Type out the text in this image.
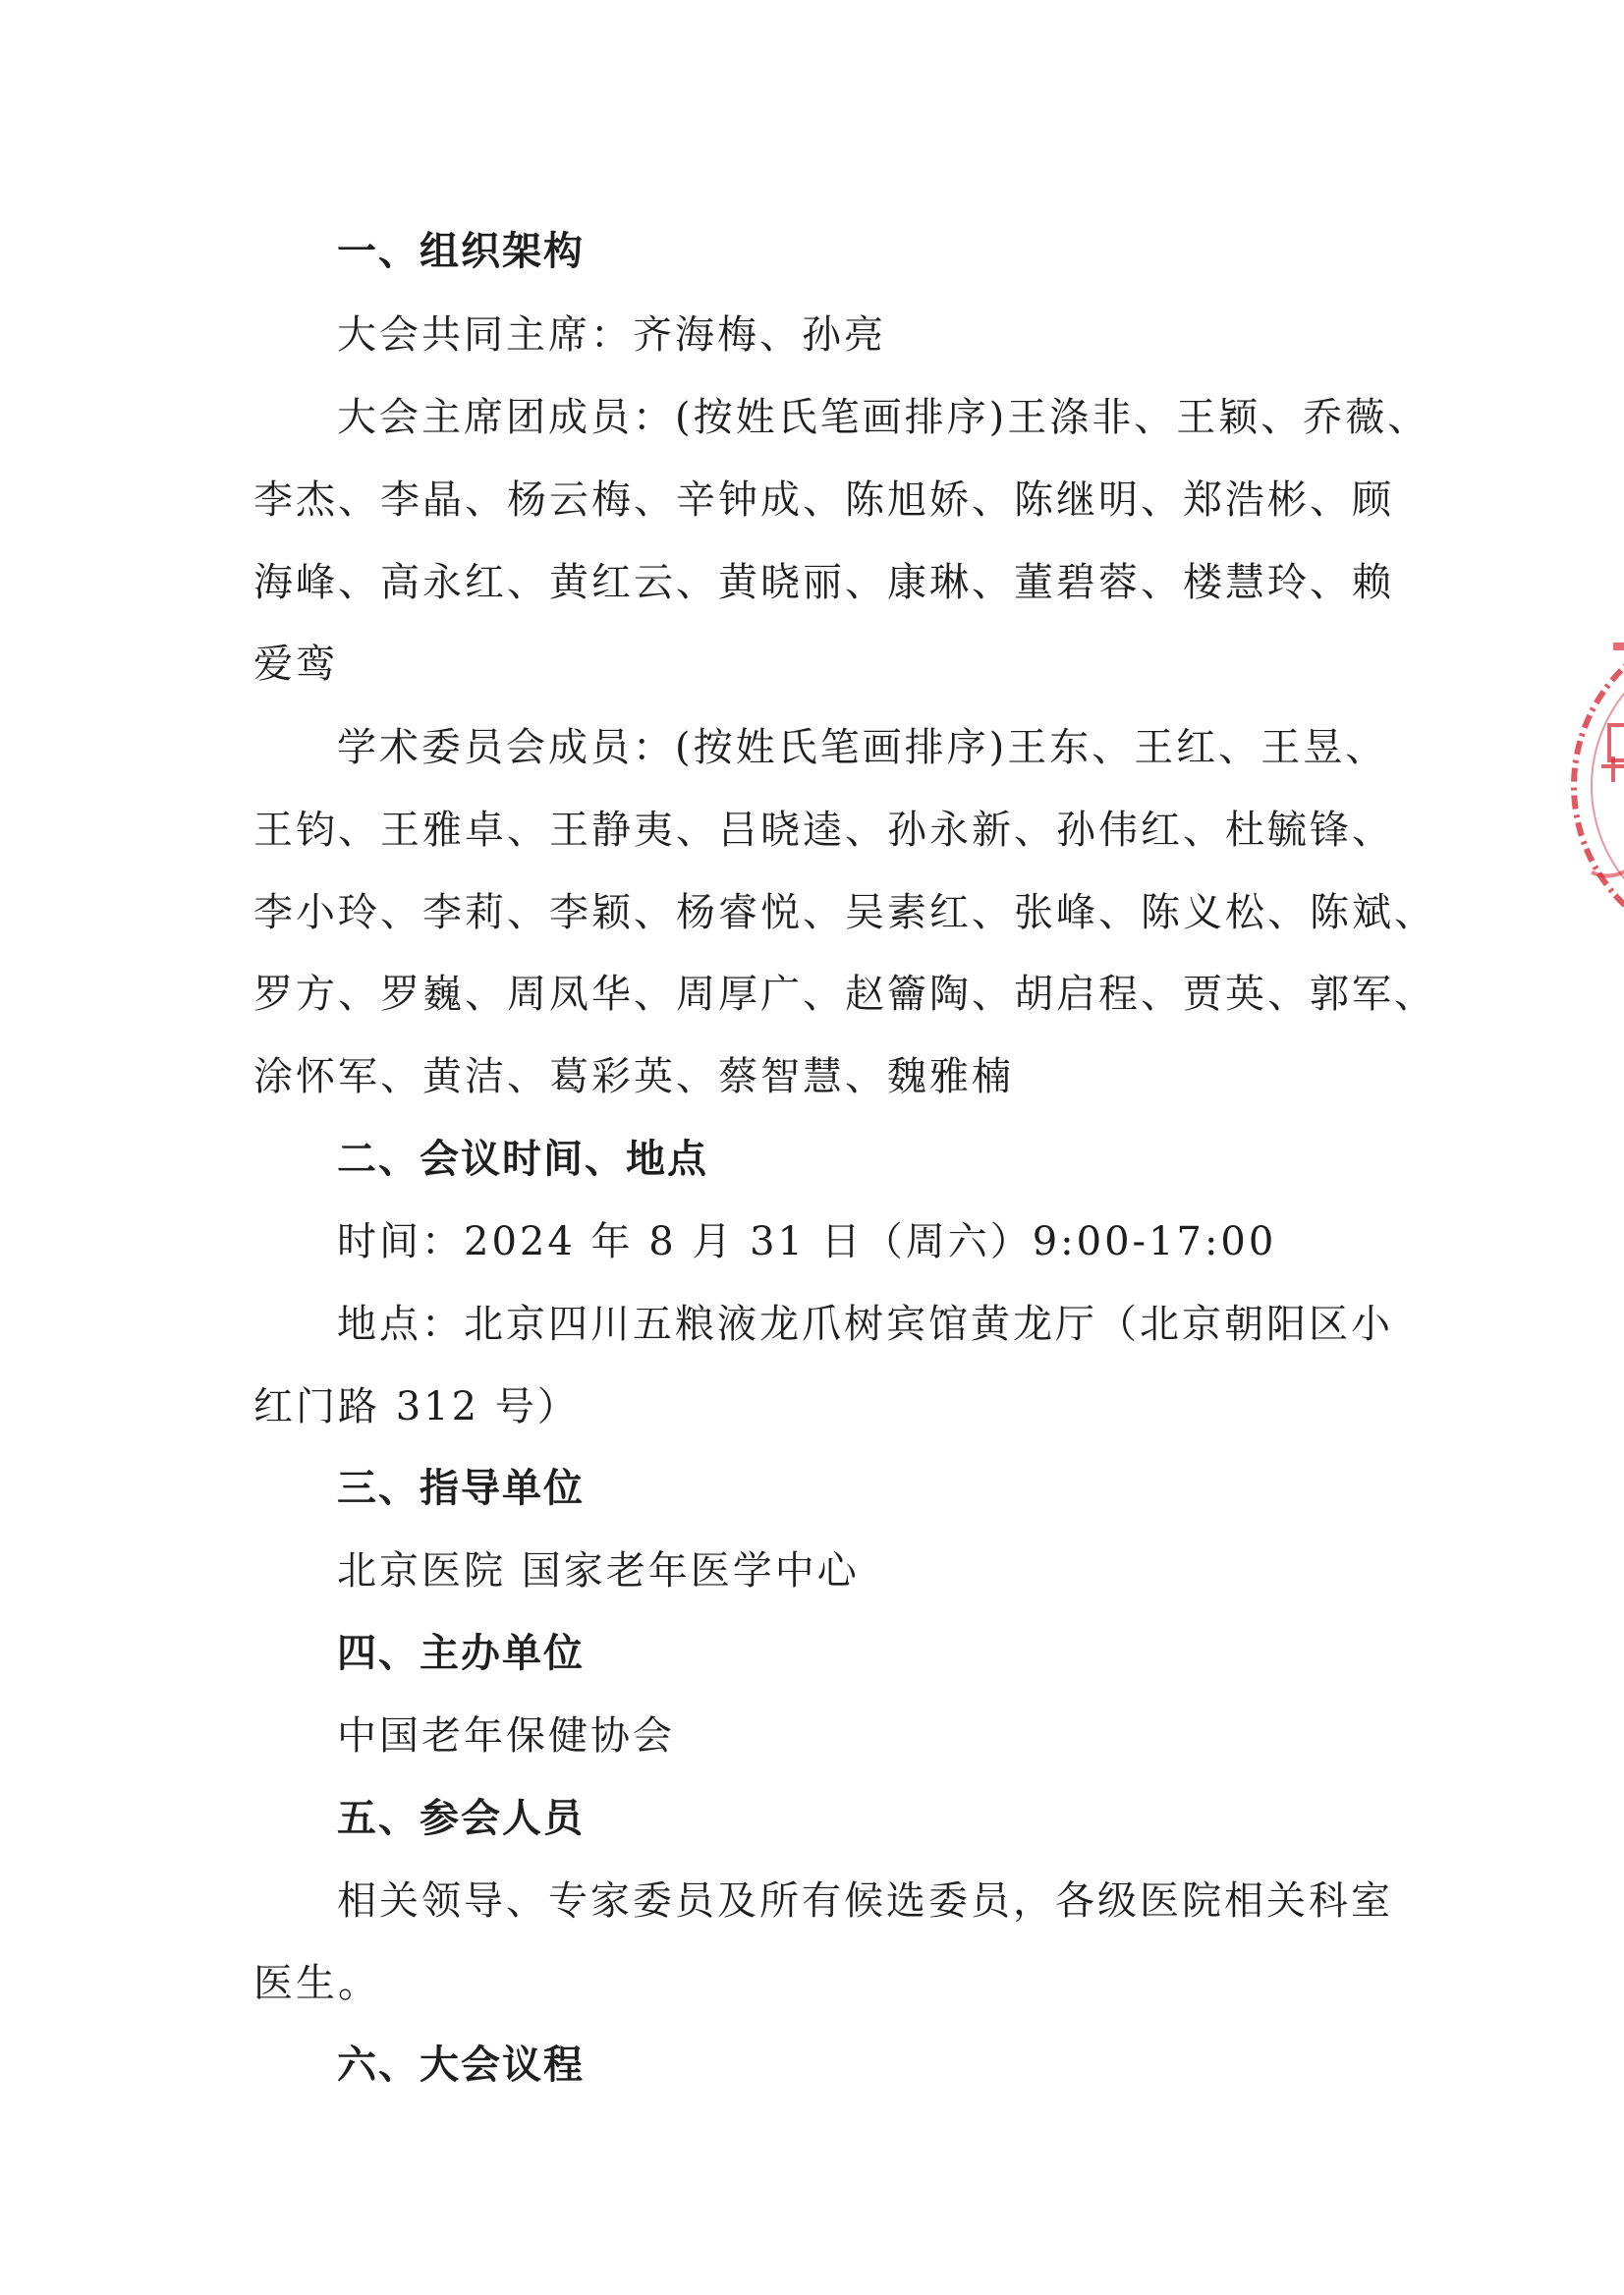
一、组织架构
大会共同主席：齐海梅、孙亮
大会主席团成员：(按姓氏笔画排序)王涤非、王颖、乔薇、
李杰、李晶、杨云梅、辛钟成、陈旭娇、陈继明、郑浩彬、顾
海峰、高永红、黄红云、黄晓丽、康琳、董碧蓉、楼慧玲、赖
爱鸾
学术委员会成员：(按姓氏笔画排序)王东、王红、王昱、
王钧、王雅卓、王静夷、吕晓逵、孙永新、孙伟红、杜毓锋、
李小玲、李莉、李颖、杨睿悦、吴素红、张峰、陈义松、陈斌、
罗方、罗巍、周凤华、周厚广、赵籥陶、胡启程、贾英、郭军、
涂怀军、黄洁、葛彩英、蔡智慧、魏雅楠
二、会议时间、地点
时间：2024 年 8 月 31 日（周六）9:00-17:00
地点：北京四川五粮液龙爪树宾馆黄龙厅（北京朝阳区小
红门路 312 号）
三、指导单位
北京医院 国家老年医学中心
四、主办单位
中国老年保健协会
五、参会人员
相关领导、专家委员及所有候选委员，各级医院相关科室
医生。
六、大会议程
